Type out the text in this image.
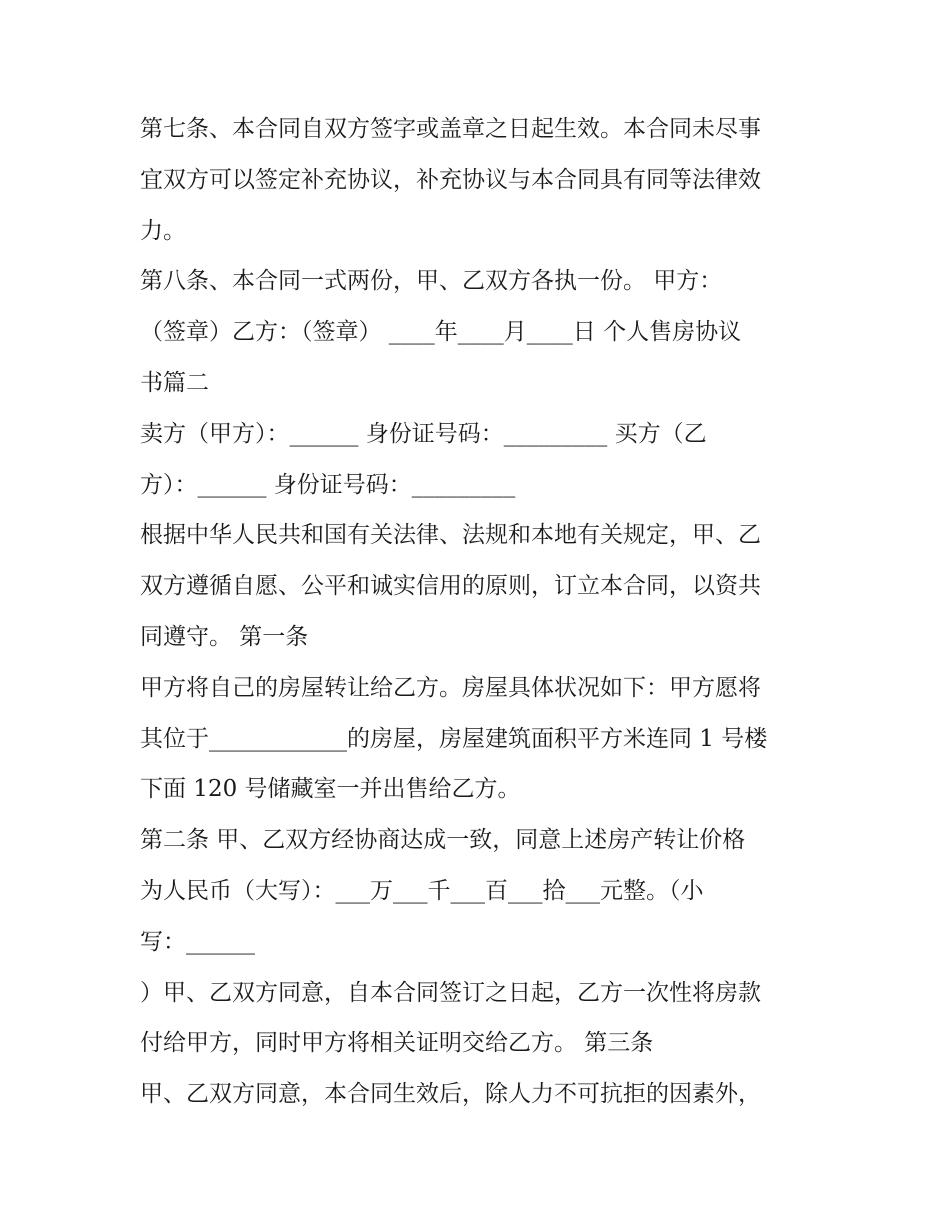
第七条、本合同自双方签字或盖章之日起生效。本合同未尽事
宜双方可以签定补充协议，补充协议与本合同具有同等法律效
力。
第八条、本合同一式两份，甲、乙双方各执一份。 甲方：
（签章）乙方：（签章） ____年____月____日 个人售房协议
书篇二
卖方（甲方）：______ 身份证号码：_________ 买方（乙
方）：______ 身份证号码：_________
根据中华人民共和国有关法律、法规和本地有关规定，甲、乙
双方遵循自愿、公平和诚实信用的原则，订立本合同，以资共
同遵守。 第一条
甲方将自己的房屋转让给乙方。房屋具体状况如下：甲方愿将
其位于____________的房屋，房屋建筑面积平方米连同 1 号楼
下面 120 号储藏室一并出售给乙方。
第二条 甲、乙双方经协商达成一致，同意上述房产转让价格
为人民币（大写）：___万___千___百___拾___元整。（小
写：______
）甲、乙双方同意，自本合同签订之日起，乙方一次性将房款
付给甲方，同时甲方将相关证明交给乙方。 第三条
甲、乙双方同意，本合同生效后，除人力不可抗拒的因素外，
